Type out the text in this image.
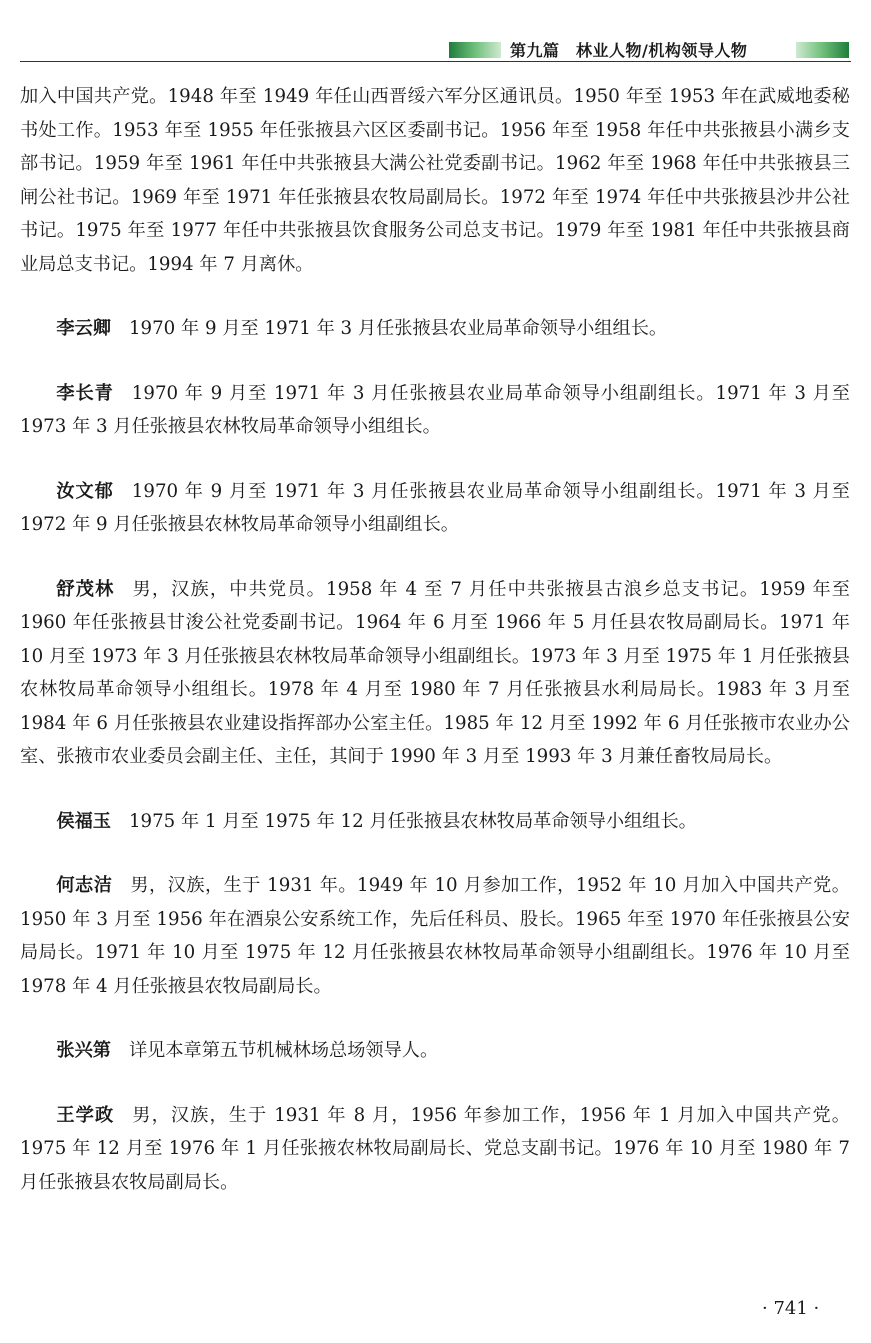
第九篇　林业人物/机构领导人物

加入中国共产党。1948 年至 1949 年任山西晋绥六军分区通讯员。1950 年至 1953 年在武威地委秘书处工作。1953 年至 1955 年任张掖县六区区委副书记。1956 年至 1958 年任中共张掖县小满乡支部书记。1959 年至 1961 年任中共张掖县大满公社党委副书记。1962 年至 1968 年任中共张掖县三闸公社书记。1969 年至 1971 年任张掖县农牧局副局长。1972 年至 1974 年任中共张掖县沙井公社书记。1975 年至 1977 年任中共张掖县饮食服务公司总支书记。1979 年至 1981 年任中共张掖县商业局总支书记。1994 年 7 月离休。

李云卿 1970 年 9 月至 1971 年 3 月任张掖县农业局革命领导小组组长。

李长青 1970 年 9 月至 1971 年 3 月任张掖县农业局革命领导小组副组长。1971 年 3 月至 1973 年 3 月任张掖县农林牧局革命领导小组组长。

汝文郁 1970 年 9 月至 1971 年 3 月任张掖县农业局革命领导小组副组长。1971 年 3 月至 1972 年 9 月任张掖县农林牧局革命领导小组副组长。

舒茂林 男，汉族，中共党员。1958 年 4 至 7 月任中共张掖县古浪乡总支书记。1959 年至 1960 年任张掖县甘浚公社党委副书记。1964 年 6 月至 1966 年 5 月任县农牧局副局长。1971 年 10 月至 1973 年 3 月任张掖县农林牧局革命领导小组副组长。1973 年 3 月至 1975 年 1 月任张掖县农林牧局革命领导小组组长。1978 年 4 月至 1980 年 7 月任张掖县水利局局长。1983 年 3 月至 1984 年 6 月任张掖县农业建设指挥部办公室主任。1985 年 12 月至 1992 年 6 月任张掖市农业办公室、张掖市农业委员会副主任、主任，其间于 1990 年 3 月至 1993 年 3 月兼任畜牧局局长。

侯福玉 1975 年 1 月至 1975 年 12 月任张掖县农林牧局革命领导小组组长。

何志洁 男，汉族，生于 1931 年。1949 年 10 月参加工作，1952 年 10 月加入中国共产党。1950 年 3 月至 1956 年在酒泉公安系统工作，先后任科员、股长。1965 年至 1970 年任张掖县公安局局长。1971 年 10 月至 1975 年 12 月任张掖县农林牧局革命领导小组副组长。1976 年 10 月至 1978 年 4 月任张掖县农牧局副局长。

张兴第 详见本章第五节机械林场总场领导人。

王学政 男，汉族，生于 1931 年 8 月，1956 年参加工作，1956 年 1 月加入中国共产党。1975 年 12 月至 1976 年 1 月任张掖农林牧局副局长、党总支副书记。1976 年 10 月至 1980 年 7 月任张掖县农牧局副局长。

· 741 ·
